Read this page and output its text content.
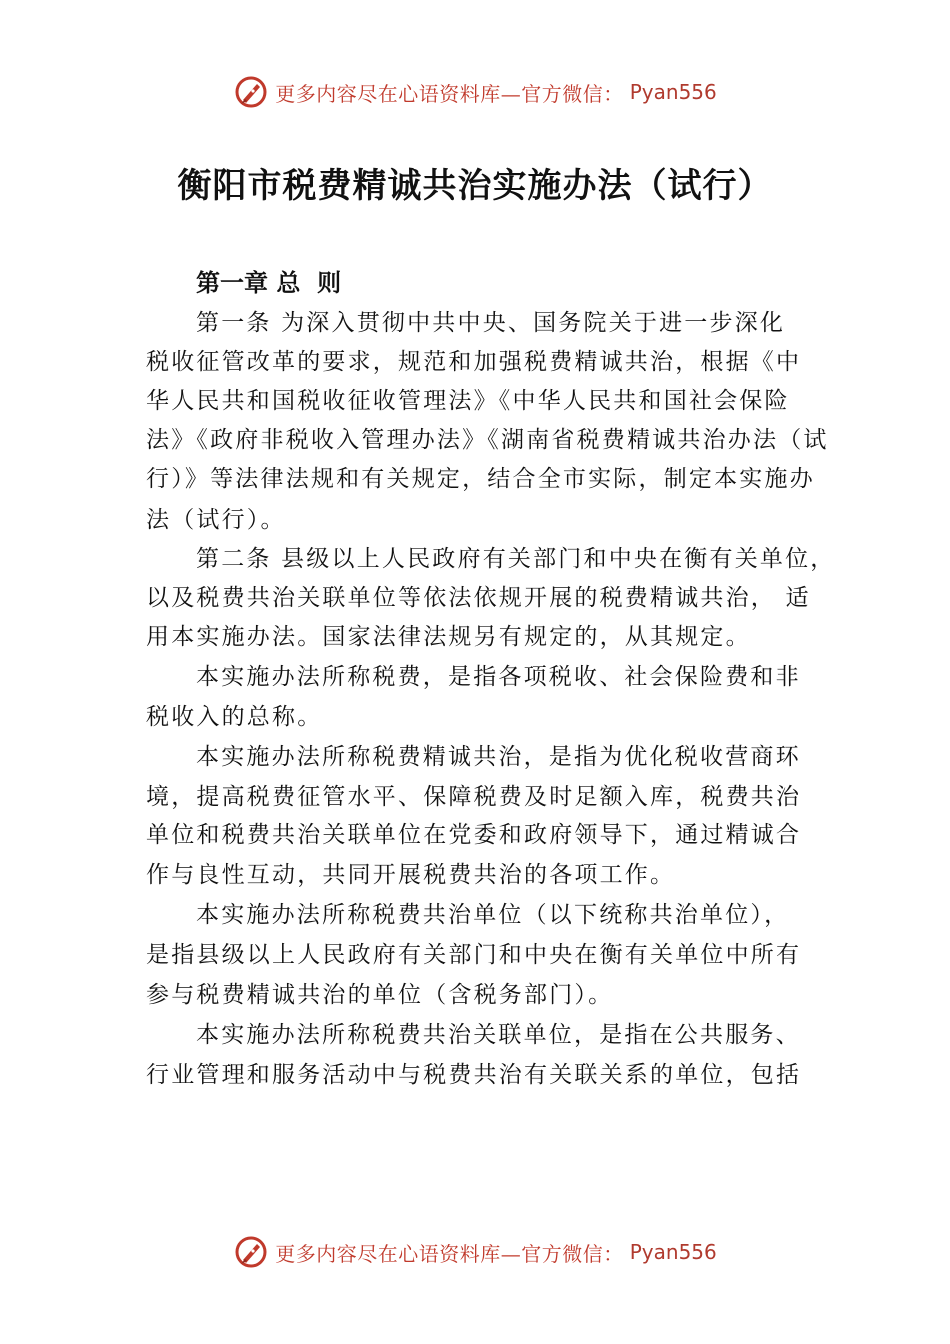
更多内容尽在心语资料库—官方微信： Pyan556
衡阳市税费精诚共治实施办法（试行）
第一章 总  则
第一条 为深入贯彻中共中央、国务院关于进一步深化
税收征管改革的要求，规范和加强税费精诚共治，根据《中
华人民共和国税收征收管理法》《中华人民共和国社会保险
法》《政府非税收入管理办法》《湖南省税费精诚共治办法（试
行）》等法律法规和有关规定，结合全市实际，制定本实施办
法（试行）。
第二条 县级以上人民政府有关部门和中央在衡有关单位，
以及税费共治关联单位等依法依规开展的税费精诚共治， 适
用本实施办法。国家法律法规另有规定的，从其规定。
本实施办法所称税费，是指各项税收、社会保险费和非
税收入的总称。
本实施办法所称税费精诚共治，是指为优化税收营商环
境，提高税费征管水平、保障税费及时足额入库，税费共治
单位和税费共治关联单位在党委和政府领导下，通过精诚合
作与良性互动，共同开展税费共治的各项工作。
本实施办法所称税费共治单位（以下统称共治单位），
是指县级以上人民政府有关部门和中央在衡有关单位中所有
参与税费精诚共治的单位（含税务部门）。
本实施办法所称税费共治关联单位，是指在公共服务、
行业管理和服务活动中与税费共治有关联关系的单位，包括
更多内容尽在心语资料库—官方微信： Pyan556
